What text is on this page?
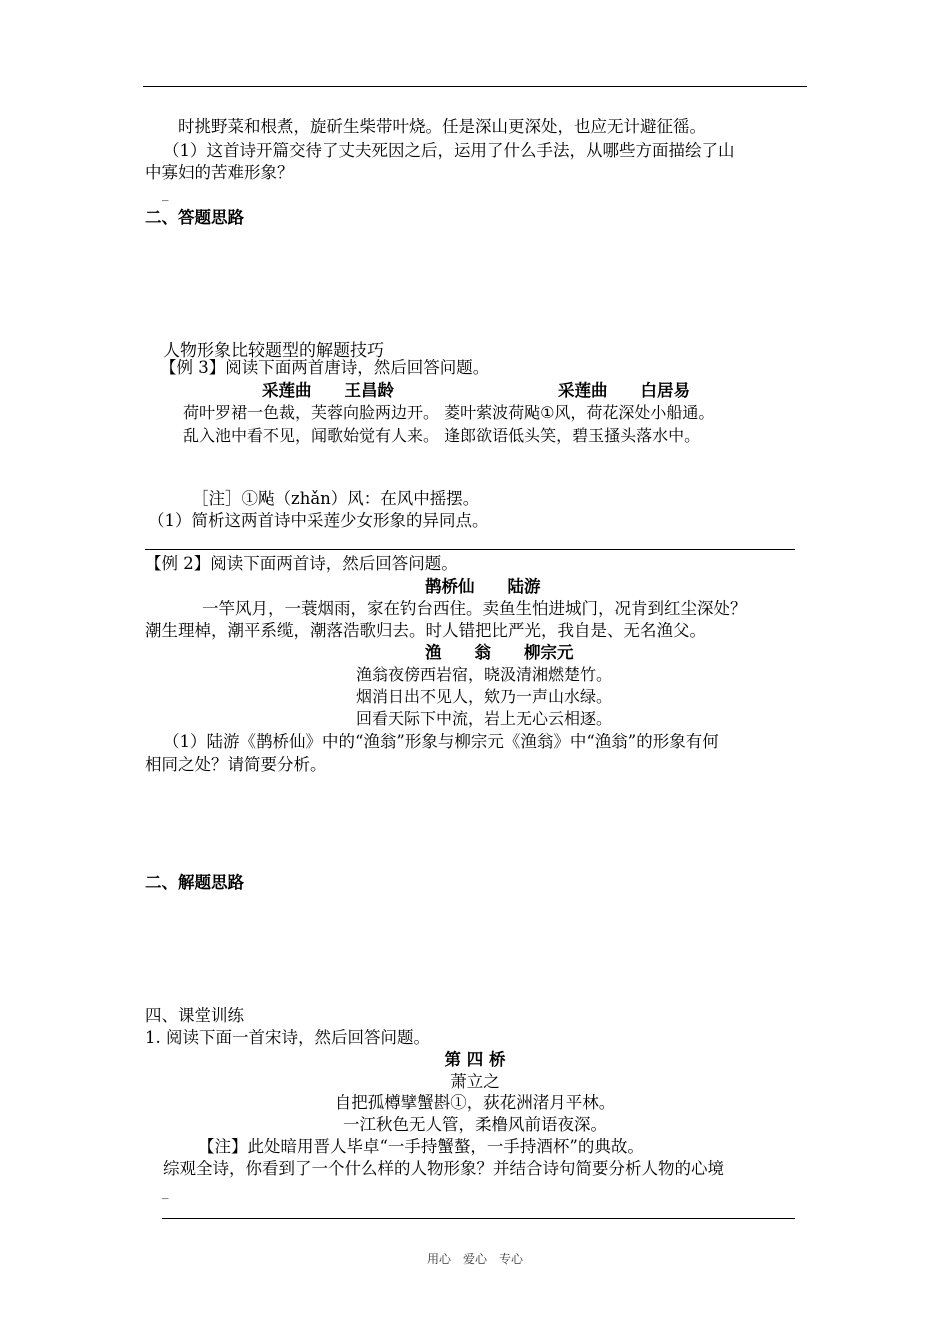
时挑野菜和根煮，旋斫生柴带叶烧。任是深山更深处，也应无计避征徭。
（1）这首诗开篇交待了丈夫死因之后，运用了什么手法，从哪些方面描绘了山
中寡妇的苦难形象？
_
二、答题思路
人物形象比较题型的解题技巧
【例 3】阅读下面两首唐诗，然后回答问题。
采莲曲　　王昌龄	采莲曲　　白居易
荷叶罗裙一色裁，芙蓉向脸两边开。 菱叶萦波荷飐①风，荷花深处小船通。
乱入池中看不见，闻歌始觉有人来。 逢郎欲语低头笑，碧玉搔头落水中。
［注］①飐（zhǎn）风：在风中摇摆。
（1）简析这两首诗中采莲少女形象的异同点。
【例 2】阅读下面两首诗，然后回答问题。
鹊桥仙　　陆游
一竿风月，一蓑烟雨，家在钓台西住。卖鱼生怕进城门，况肯到红尘深处？
潮生理棹，潮平系缆，潮落浩歌归去。时人错把比严光，我自是、无名渔父。
渔　　翁　　柳宗元
渔翁夜傍西岩宿，晓汲清湘燃楚竹。
烟消日出不见人，欸乃一声山水绿。
回看天际下中流，岩上无心云相逐。
（1）陆游《鹊桥仙》中的“渔翁”形象与柳宗元《渔翁》中“渔翁”的形象有何
相同之处？请简要分析。
二、解题思路
四、课堂训练
1. 阅读下面一首宋诗，然后回答问题。
第 四 桥
萧立之
自把孤樽擘蟹斟①，荻花洲渚月平林。
一江秋色无人管，柔橹风前语夜深。
【注】此处暗用晋人毕卓“一手持蟹螯，一手持酒杯”的典故。
综观全诗，你看到了一个什么样的人物形象？并结合诗句简要分析人物的心境
_
用心　爱心　专心
